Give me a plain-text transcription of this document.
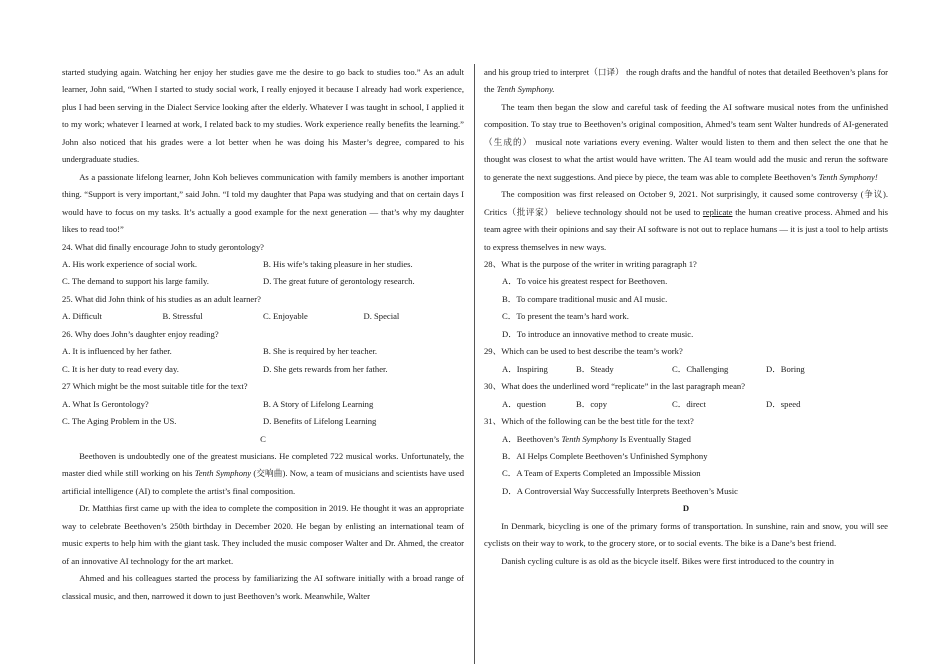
started studying again. Watching her enjoy her studies gave me the desire to go back to studies too.” As an adult learner, John said, “When I started to study social work, I really enjoyed it because I already had work experience, plus I had been serving in the Dialect Service looking after the elderly. Whatever I was taught in school, I applied it to my work; whatever I learned at work, I related back to my studies. Work experience really benefits the learning.” John also noticed that his grades were a lot better when he was doing his Master’s degree, compared to his undergraduate studies.

As a passionate lifelong learner, John Koh believes communication with family members is another important thing. “Support is very important,” said John. “I told my daughter that Papa was studying and that on certain days I would have to focus on my tasks. It’s actually a good example for the next generation — that’s why my daughter likes to read too!”

24. What did finally encourage John to study gerontology?

A. His work experience of social work.	B. His wife’s taking pleasure in her studies.
C. The demand to support his large family.	D. The great future of gerontology research.

25. What did John think of his studies as an adult learner?

A. Difficult	B. Stressful	C. Enjoyable	D. Special

26. Why does John’s daughter enjoy reading?

A. It is influenced by her father.	B. She is required by her teacher.
C. It is her duty to read every day.	D. She gets rewards from her father.

27 Which might be the most suitable title for the text?

A. What Is Gerontology?	B. A Story of Lifelong Learning
C. The Aging Problem in the US.	D. Benefits of Lifelong Learning

C

Beethoven is undoubtedly one of the greatest musicians. He completed 722 musical works. Unfortunately, the master died while still working on his Tenth Symphony (交响曲). Now, a team of musicians and scientists have used artificial intelligence (AI) to complete the artist’s final composition.

Dr. Matthias first came up with the idea to complete the composition in 2019. He thought it was an appropriate way to celebrate Beethoven’s 250th birthday in December 2020. He began by enlisting an international team of music experts to help him with the giant task. They included the music composer Walter and Dr. Ahmed, the creator of an innovative AI technology for the art market.

Ahmed and his colleagues started the process by familiarizing the AI software initially with a broad range of classical music, and then, narrowed it down to just Beethoven’s work. Meanwhile, Walter

and his group tried to interpret（口译） the rough drafts and the handful of notes that detailed Beethoven’s plans for the Tenth Symphony.

The team then began the slow and careful task of feeding the AI software musical notes from the unfinished composition. To stay true to Beethoven’s original composition, Ahmed’s team sent Walter hundreds of AI-generated（生成的） musical note variations every evening. Walter would listen to them and then select the one that he thought was closest to what the artist would have written. The AI team would add the music and rerun the software to generate the next suggestions. And piece by piece, the team was able to complete Beethoven’s Tenth Symphony!

The composition was first released on October 9, 2021. Not surprisingly, it caused some controversy (争议). Critics（批评家） believe technology should not be used to replicate the human creative process. Ahmed and his team agree with their opinions and say their AI software is not out to replace humans — it is just a tool to help artists to express themselves in new ways.

28、What is the purpose of the writer in writing paragraph 1?

A．To voice his greatest respect for Beethoven.

B．To compare traditional music and AI music.

C．To present the team’s hard work.

D．To introduce an innovative method to create music.

29、Which can be used to best describe the team’s work?

A．Inspiring	B．Steady	C．Challenging	D．Boring

30、What does the underlined word “replicate” in the last paragraph mean?

A．question	B．copy	C．direct	D．speed

31、Which of the following can be the best title for the text?

A．Beethoven’s Tenth Symphony Is Eventually Staged

B．AI Helps Complete Beethoven’s Unfinished Symphony

C．A Team of Experts Completed an Impossible Mission

D．A Controversial Way Successfully Interprets Beethoven’s Music

D

In Denmark, bicycling is one of the primary forms of transportation. In sunshine, rain and snow, you will see cyclists on their way to work, to the grocery store, or to social events. The bike is a Dane’s best friend.

Danish cycling culture is as old as the bicycle itself. Bikes were first introduced to the country in
